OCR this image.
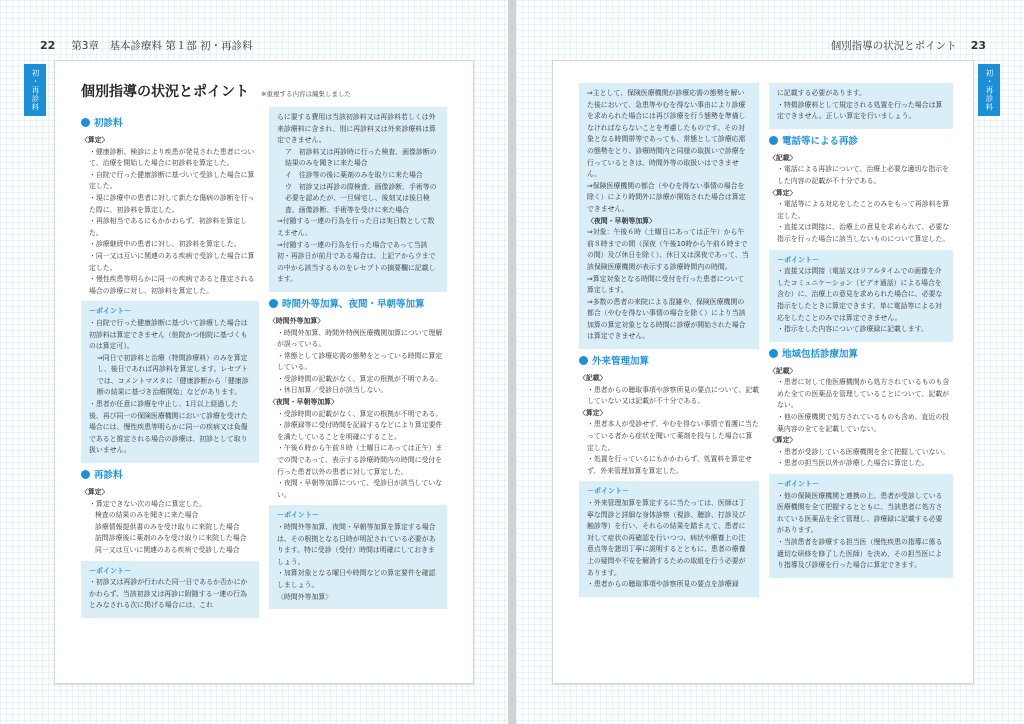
22 第3章　基本診療料 第１部 初・再診料
初・再診料	個別指導の状況とポイント ※重複する内容は編集しました
初診料

〈算定〉

・健康診断、検診により疾患が発見された患者について、治療を開始した場合に初診料を算定した。

・自院で行った健康診断に基づいて受診した場合に算定した。

・現に診療中の患者に対して新たな傷病の診断を行った際に、初診料を算定した。

・再診相当であるにもかかわらず、初診料を算定した。

・診療継続中の患者に対し、初診料を算定した。

・同一又は互いに関連のある疾病で受診した場合に算定した。

・慢性疾患等明らかに同一の疾病であると推定される場合の診療に対し、初診料を算定した。

－ポイント－

・自院で行った健康診断に基づいて診療した場合は初診料は算定できません（他院かつ他院に基づくものは算定可）。

⇒同日で初診料と治療（特間診療料）のみを算定し、後日であれば再診料を算定します。レセプトでは、コメントマスタに「健康診断から「健康診断の結果に基づき治療開始」などがあります。

・患者が任意に診療を中止し、1月以上経過した後、再び同一の保険医療機関において診療を受けた場合には、慢性疾患等明らかに同一の疾病又は負傷であると推定される場合の診療は、初診として取り扱いません。

再診料

〈算定〉

・算定できない次の場合に算定した。

検査の結果のみを聞きに来た場合

診療情報提供書のみを受け取りに来院した場合

訪問診療後に薬剤のみを受け取りに来院した場合

同一又は互いに関連のある疾病で受診した場合

－ポイント－

・初診又は再診が行われた同一日であるか否かにかかわらず、当該初診又は再診に附随する一連の行為とみなされる次に掲げる場合には、これ

らに要する費用は当該初診料又は再診料若しくは外来診療料に含まれ、別に再診料又は外来診療料は算定できません。

ア　初診料又は再診時に行った検査、画像診断の結果のみを聞きに来た場合

イ　往診等の後に薬剤のみを取りに来た場合

ウ　初診又は再診の際検査、画像診断、手術等の必要を認めたが、一旦帰宅し、後刻又は後日検査、画像診断、手術等を受けに来た場合

⇒付随する一連の行為を行った日は実日数として数えません。

⇒付随する一連の行為を行った場合であって当該初・再診日が前月である場合は、上記アからウまでの中から該当するものをレセプトの摘要欄に記載します。

時間外等加算、夜間・早朝等加算

〈時間外等加算〉

・時間外加算、時間外特例医療機関加算について理解が誤っている。

・常態として診療応需の態勢をとっている時間に算定している。

・受診時間の記載がなく、算定の根拠が不明である。

・休日加算／受診日が該当しない。

〈夜間・早朝等加算〉

・受診時間の記載がなく、算定の根拠が不明である。

・診療録等に受付時間を記録するなどにより算定要件を満たしていることを明確にすること。

・午後６時から午前８時（土曜日にあっては正午）までの間であって、表示する診療時間内の時間に受付を行った患者以外の患者に対して算定した。

・夜間・早朝等加算について、受診日が該当していない。

－ポイント－

・時間外等加算、夜間・早朝等加算を算定する場合は、その根拠となる日時が明記されている必要があります。特に受診（受付）時間は明確にしておきましょう。

・加算対象となる曜日や時間などの算定要件を確認しましょう。

〈時間外等加算〉

個別指導の状況とポイント 23
初・再診料

⇒主として、保険医療機関が診療応需の態勢を解いた後において、急患等やむを得ない事由により診療を求められた場合には再び診療を行う態勢を準備しなければならないことを考慮したものです。その対象となる時間帯等であっても、常態として診療応需の態勢をとり、診療時間内と同様の取扱いで診療を行っているときは、時間外等の取扱いはできません。

⇒保険医療機関の都合（やむを得ない事情の場合を除く）により時間外に診療が開始された場合は算定できません。

〈夜間・早朝等加算〉

⇒対象：午後６時（土曜日にあっては正午）から午前８時までの間（深夜（午後10時から午前６時までの間）及び休日を除く）、休日又は深夜であって、当該保険医療機関が表示する診療時間内の時間。

⇒算定対象となる時間に受付を行った患者について算定します。

⇒多数の患者の来院による混雑や、保険医療機関の都合（やむを得ない事情の場合を除く）により当該加算の算定対象となる時間に診療が開始された場合は算定できません。

外来管理加算

〈記載〉

・患者からの聴取事項や診察所見の要点について、記載していない又は記載が不十分である。

〈算定〉

・患者本人が受診せず、やむを得ない事情で看護に当たっている者から症状を聞いて薬剤を投与した場合に算定した。

・処置を行っているにもかかわらず、処置料を算定せず、外来管理加算を算定した。

－ポイント－

・外来管理加算を算定するに当たっては、医師は丁寧な問診と詳細な身体診察（視診、聴診、打診及び触診等）を行い、それらの結果を踏まえて、患者に対して症状の再確認を行いつつ、病状や療養上の注意点等を懇切丁寧に説明するとともに、患者の療養上の疑問や不安を解消するための取組を行う必要があります。

・患者からの聴取事項や診察所見の要点を診療録

に記載する必要があります。

・特掲診療料として規定される処置を行った場合は算定できません。正しい算定を行いましょう。

電話等による再診

〈記載〉

・電話による再診について、治療上必要な適切な指示をした内容の記載が不十分である。

〈算定〉

・電話等による対応をしたことのみをもって再診料を算定した。

・直接又は間接に、治療上の意見を求められて、必要な指示を行った場合に該当しないものについて算定した。

－ポイント－

・直接又は間接（電話又はリアルタイムでの画像を介したコミュニケーション（ビデオ通話）による場合を含む）に、治療上の意見を求められた場合に、必要な指示をしたときに算定できます。単に電話等による対応をしたことのみでは算定できません。

・指示をした内容について診療録に記載します。

地域包括診療加算

〈記載〉

・患者に対して他医療機関から処方されているものも含めた全ての医薬品を管理していることについて、記載がない。

・他の医療機関で処方されているものも含め、直近の投薬内容の全てを記載していない。

〈算定〉

・患者が受診している医療機関を全て把握していない。

・患者の担当医以外が診療した場合に算定した。

－ポイント－

・他の保険医療機関と連携の上、患者が受診している医療機関を全て把握するとともに、当該患者に処方されている医薬品を全て管理し、診療録に記載する必要があります。

・当該患者を診療する担当医（慢性疾患の指導に係る適切な研修を修了した医師）を決め、その担当医により指導及び診療を行った場合に算定できます。
